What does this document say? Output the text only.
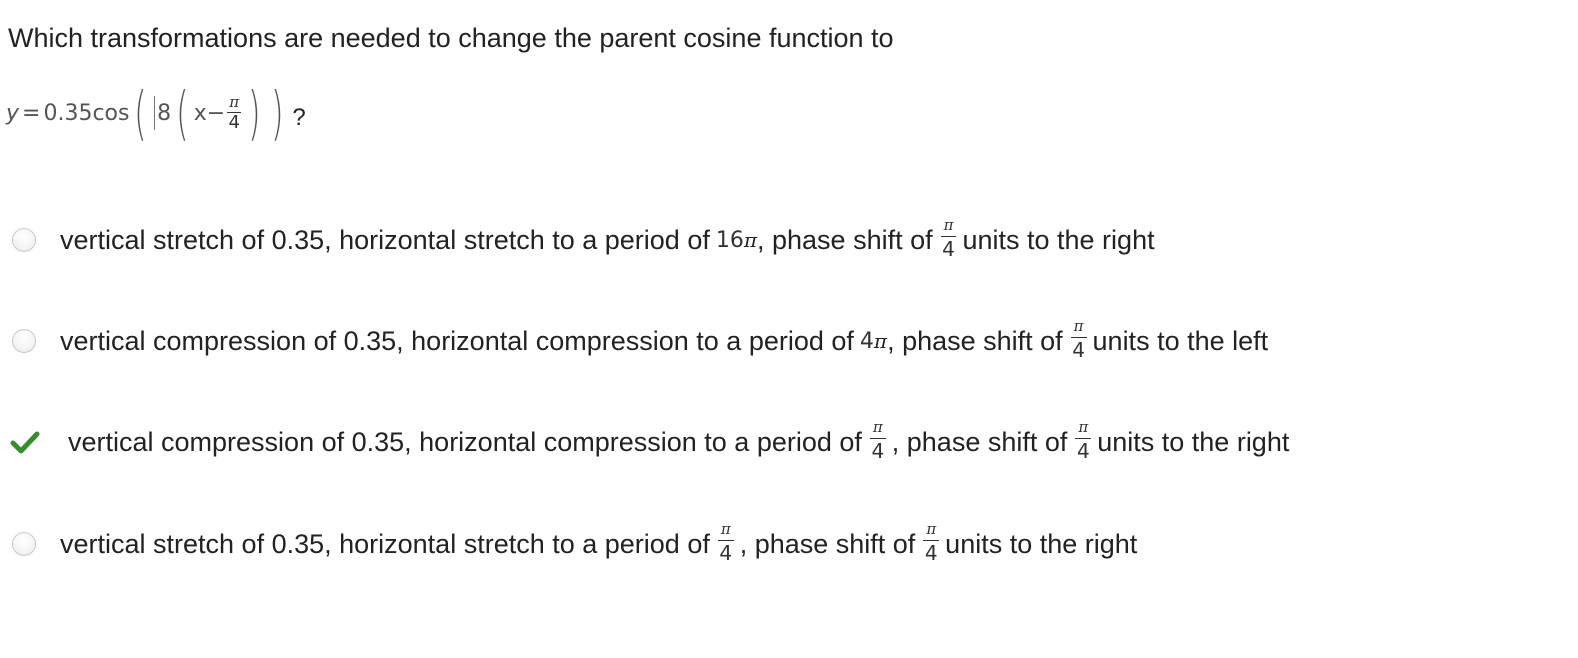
Which transformations are needed to change the parent cosine function to
y = 0.35cos ( 8 ( $x - \frac{\pi}{4}$ ) ) ?
vertical stretch of 0.35, horizontal stretch to a period of 16 π , phase shift of $\frac{\pi}{4}$ units to the right
vertical compression of 0.35, horizontal compression to a period of 4 π , phase shift of $\frac{\pi}{4}$ units to the left
vertical compression of 0.35, horizontal compression to a period of $\frac{\pi}{4}$ , phase shift of $\frac{\pi}{4}$ units to the right
vertical stretch of 0.35, horizontal stretch to a period of $\frac{\pi}{4}$ , phase shift of $\frac{\pi}{4}$ units to the right
